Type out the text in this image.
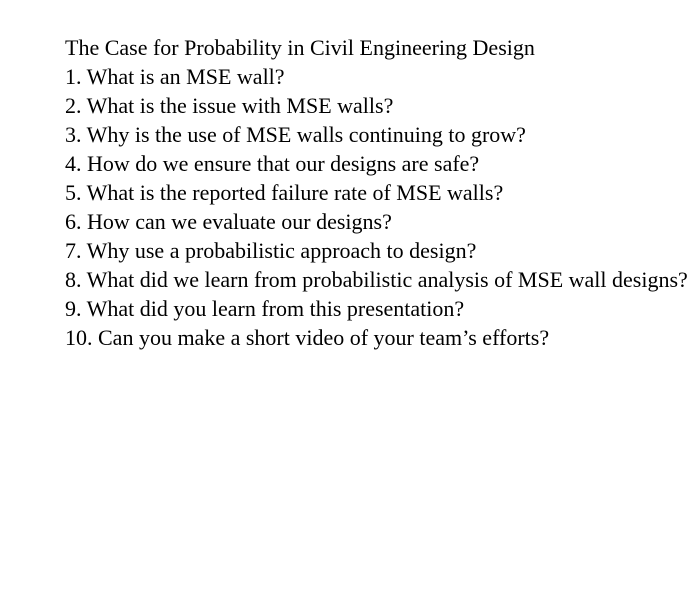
The Case for Probability in Civil Engineering Design
1. What is an MSE wall?
2. What is the issue with MSE walls?
3. Why is the use of MSE walls continuing to grow?
4. How do we ensure that our designs are safe?
5. What is the reported failure rate of MSE walls?
6. How can we evaluate our designs?
7. Why use a probabilistic approach to design?
8. What did we learn from probabilistic analysis of MSE wall designs?
9. What did you learn from this presentation?
10. Can you make a short video of your team’s efforts?
